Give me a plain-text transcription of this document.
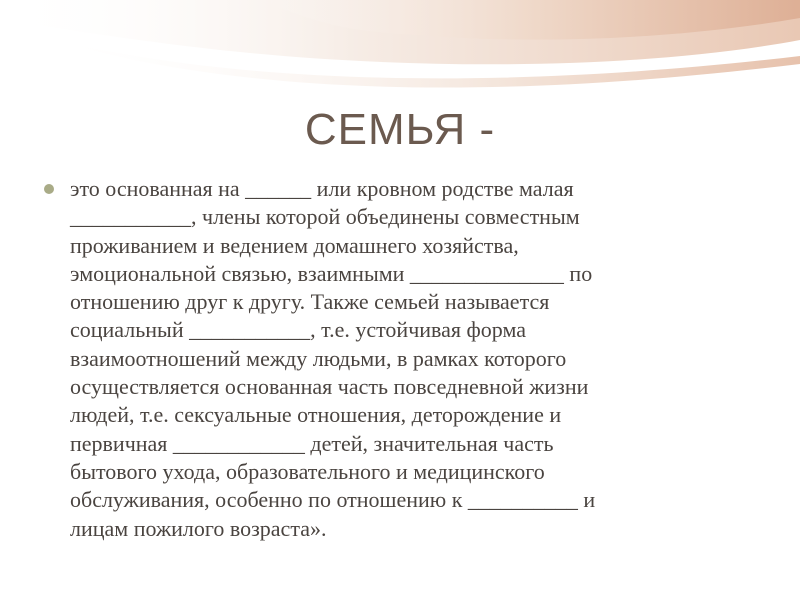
СЕМЬЯ -

это основанная на ______ или кровном родстве малая
___________, члены которой объединены совместным
проживанием и ведением домашнего хозяйства,
эмоциональной связью, взаимными ______________ по
отношению друг к другу. Также семьей называется
социальный ___________, т.е. устойчивая форма
взаимоотношений между людьми, в рамках которого
осуществляется основанная часть повседневной жизни
людей, т.е. сексуальные отношения, деторождение и
первичная ____________ детей, значительная часть
бытового ухода, образовательного и медицинского
обслуживания, особенно по отношению к __________ и
лицам пожилого возраста».
